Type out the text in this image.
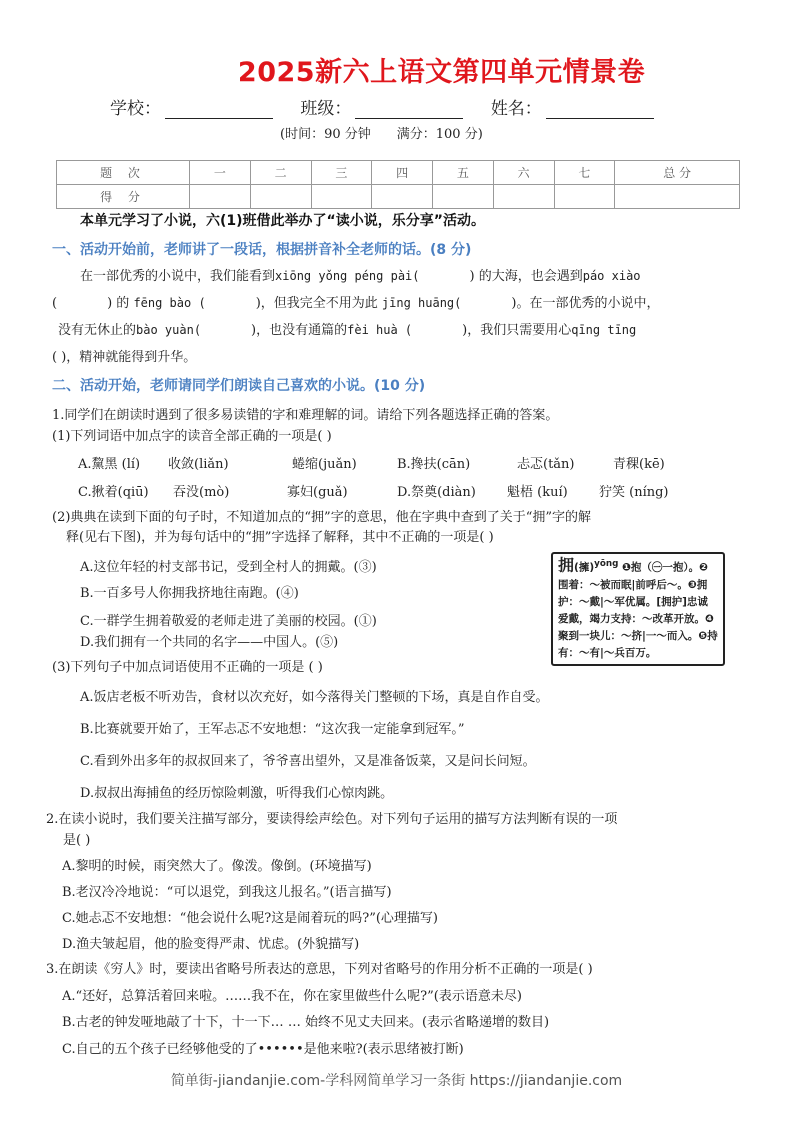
2025新六上语文第四单元情景卷
学校：	班级：	姓名：
(时间：90 分钟 满分：100 分)
题 次	一	二	三	四	五	六	七	总 分
得 分								
本单元学习了小说，六(1)班借此举办了“读小说，乐分享”活动。
一、活动开始前，老师讲了一段话，根据拼音补全老师的话。(8 分)
在一部优秀的小说中，我们能看到xiōng yǒng péng pài(	) 的大海，也会遇到páo xiào
(	) 的 fēng bào (	)，但我完全不用为此 jīng huāng(	)。在一部优秀的小说中，
没有无休止的bào yuàn(	)，也没有通篇的fèi huà (	)，我们只需要用心qīng tīng
( )，精神就能得到升华。
二、活动开始，老师请同学们朗读自己喜欢的小说。(10 分)
1.同学们在朗读时遇到了很多易读错的字和难理解的词。请给下列各题选择正确的答案。
(1)下列词语中加点字的读音全部正确的一项是( )
A.黧黑 (lí) 收敛(liǎn)	蜷缩(juǎn)	B.搀扶(cān)	忐忑(tǎn)	青稞(kē)
C.揪着(qiū) 吞没(mò)	寡妇(guǎ)	D.祭奠(diàn) 魁梧 (kuí) 狞笑 (níng)
(2)典典在读到下面的句子时，不知道加点的“拥”字的意思，他在字典中查到了关于“拥”字的解
释(见右下图)，并为每句话中的“拥”字选择了解释，其中不正确的一项是( )
A.这位年轻的村支部书记，受到全村人的拥戴。(③)
B.一百多号人你拥我挤地往南跑。(④)
C.一群学生拥着敬爱的老师走进了美丽的校园。(①)
D.我们拥有一个共同的名字——中国人。(⑤)
拥(擁)$^{yōng}$ ❶抱（㊀一抱）。❷围着：～被而眠|前呼后～。❸拥护：～戴|～军优属。[拥护]忠诚爱戴，竭力支持：～改革开放。❹聚到一块儿：～挤|一～而入。❺持有：～有|～兵百万。
(3)下列句子中加点词语使用不正确的一项是 ( )
A.饭店老板不听劝告，食材以次充好，如今落得关门整顿的下场，真是自作自受。
B.比赛就要开始了，王军忐忑不安地想：“这次我一定能拿到冠军。”
C.看到外出多年的叔叔回来了，爷爷喜出望外，又是准备饭菜，又是问长问短。
D.叔叔出海捕鱼的经历惊险刺激，听得我们心惊肉跳。
2.在读小说时，我们要关注描写部分，要读得绘声绘色。对下列句子运用的描写方法判断有误的一项
是( )
A.黎明的时候，雨突然大了。像泼。像倒。(环境描写)
B.老汉冷冷地说：“可以退党，到我这儿报名。”(语言描写)
C.她忐忑不安地想：“他会说什么呢?这是闹着玩的吗?”(心理描写)
D.渔夫皱起眉，他的脸变得严肃、忧虑。(外貌描写)
3.在朗读《穷人》时，要读出省略号所表达的意思，下列对省略号的作用分析不正确的一项是( )
A.“还好，总算活着回来啦。……我不在，你在家里做些什么呢?”(表示语意未尽)
B.古老的钟发哑地敲了十下，十一下… … 始终不见丈夫回来。(表示省略递增的数目)
C.自己的五个孩子已经够他受的了••••••是他来啦?(表示思绪被打断)
简单街-jiandanjie.com-学科网简单学习一条街 https://jiandanjie.com
